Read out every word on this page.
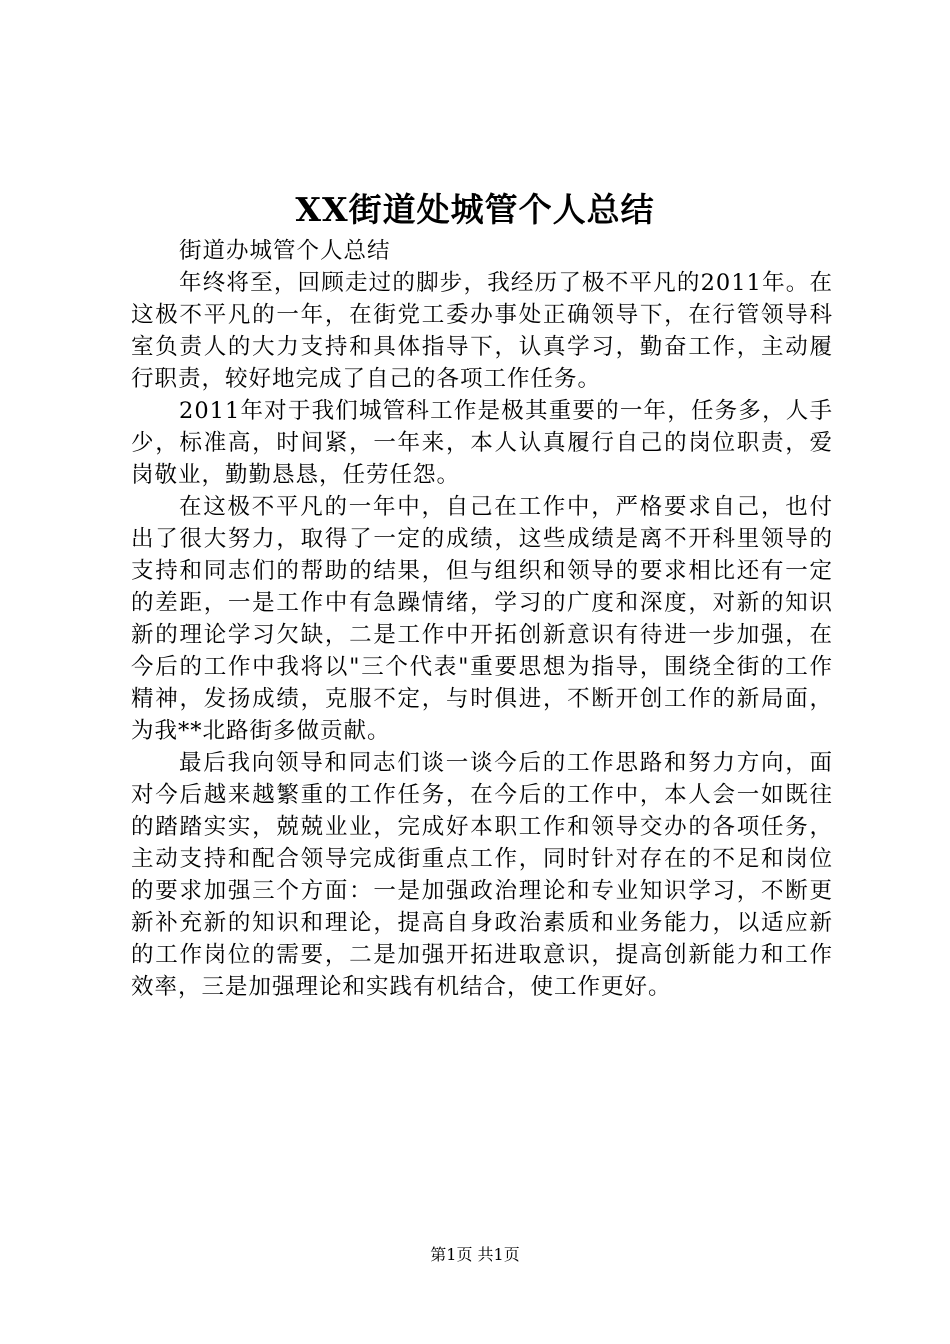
XX街道处城管个人总结

街道办城管个人总结

年终将至，回顾走过的脚步，我经历了极不平凡的2011年。在这极不平凡的一年，在街党工委办事处正确领导下，在行管领导科室负责人的大力支持和具体指导下，认真学习，勤奋工作，主动履行职责，较好地完成了自己的各项工作任务。

2011年对于我们城管科工作是极其重要的一年，任务多，人手少，标准高，时间紧，一年来，本人认真履行自己的岗位职责，爱岗敬业，勤勤恳恳，任劳任怨。

在这极不平凡的一年中，自己在工作中，严格要求自己，也付出了很大努力，取得了一定的成绩，这些成绩是离不开科里领导的支持和同志们的帮助的结果，但与组织和领导的要求相比还有一定的差距，一是工作中有急躁情绪，学习的广度和深度，对新的知识新的理论学习欠缺，二是工作中开拓创新意识有待进一步加强，在今后的工作中我将以"三个代表"重要思想为指导，围绕全街的工作精神，发扬成绩，克服不定，与时俱进，不断开创工作的新局面，为我**北路街多做贡献。

最后我向领导和同志们谈一谈今后的工作思路和努力方向，面对今后越来越繁重的工作任务，在今后的工作中，本人会一如既往的踏踏实实，兢兢业业，完成好本职工作和领导交办的各项任务，主动支持和配合领导完成街重点工作，同时针对存在的不足和岗位的要求加强三个方面：一是加强政治理论和专业知识学习，不断更新补充新的知识和理论，提高自身政治素质和业务能力，以适应新的工作岗位的需要，二是加强开拓进取意识，提高创新能力和工作效率，三是加强理论和实践有机结合，使工作更好。

第1页 共1页
